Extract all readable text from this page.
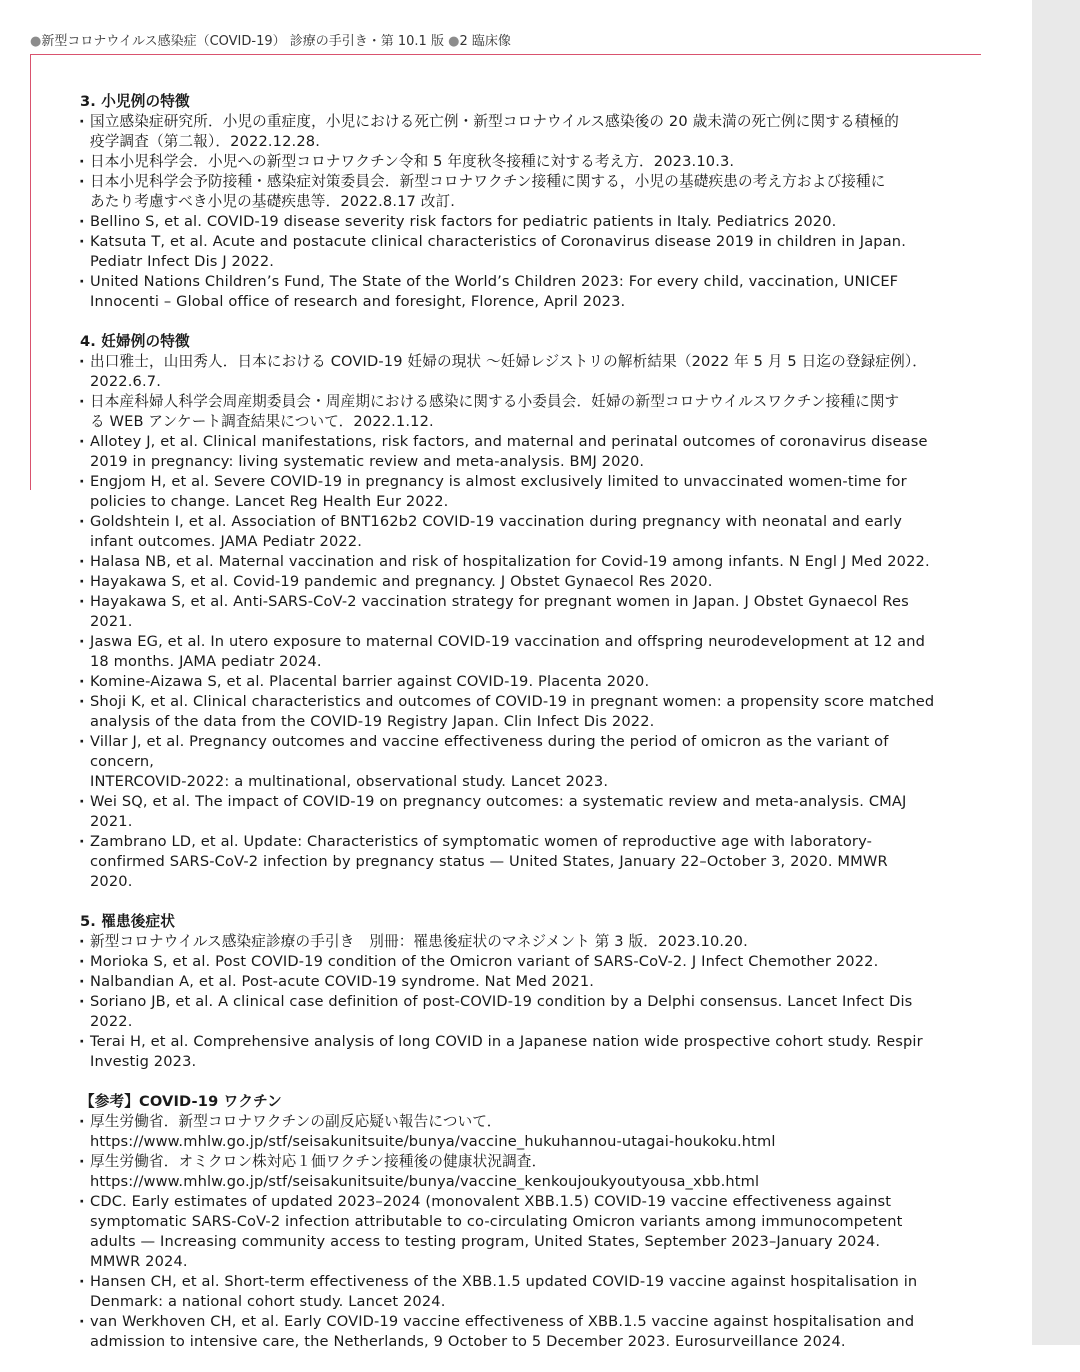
●新型コロナウイルス感染症（COVID-19） 診療の手引き・第 10.1 版 ●2 臨床像
3. 小児例の特徴
· 国立感染症研究所．小児の重症度，小児における死亡例・新型コロナウイルス感染後の 20 歳未満の死亡例に関する積極的
疫学調査（第二報）．2022.12.28.
· 日本小児科学会．小児への新型コロナワクチン令和 5 年度秋冬接種に対する考え方．2023.10.3.
· 日本小児科学会予防接種・感染症対策委員会．新型コロナワクチン接種に関する，小児の基礎疾患の考え方および接種に
あたり考慮すべき小児の基礎疾患等．2022.8.17 改訂.
· Bellino S, et al. COVID-19 disease severity risk factors for pediatric patients in Italy. Pediatrics 2020.
· Katsuta T, et al. Acute and postacute clinical characteristics of Coronavirus disease 2019 in children in Japan.
Pediatr Infect Dis J 2022.
· United Nations Children’s Fund, The State of the World’s Children 2023: For every child, vaccination, UNICEF
Innocenti – Global office of research and foresight, Florence, April 2023.
4. 妊婦例の特徴
· 出口雅士，山田秀人．日本における COVID-19 妊婦の現状 〜妊婦レジストリの解析結果（2022 年 5 月 5 日迄の登録症例）．
2022.6.7.
· 日本産科婦人科学会周産期委員会・周産期における感染に関する小委員会．妊婦の新型コロナウイルスワクチン接種に関す
る WEB アンケート調査結果について．2022.1.12.
· Allotey J, et al. Clinical manifestations, risk factors, and maternal and perinatal outcomes of coronavirus disease
2019 in pregnancy: living systematic review and meta-analysis. BMJ 2020.
· Engjom H, et al. Severe COVID-19 in pregnancy is almost exclusively limited to unvaccinated women-time for
policies to change. Lancet Reg Health Eur 2022.
· Goldshtein I, et al. Association of BNT162b2 COVID-19 vaccination during pregnancy with neonatal and early
infant outcomes. JAMA Pediatr 2022.
· Halasa NB, et al. Maternal vaccination and risk of hospitalization for Covid-19 among infants. N Engl J Med 2022.
· Hayakawa S, et al. Covid-19 pandemic and pregnancy. J Obstet Gynaecol Res 2020.
· Hayakawa S, et al. Anti-SARS-CoV-2 vaccination strategy for pregnant women in Japan. J Obstet Gynaecol Res
2021.
· Jaswa EG, et al. In utero exposure to maternal COVID-19 vaccination and offspring neurodevelopment at 12 and
18 months. JAMA pediatr 2024.
· Komine-Aizawa S, et al. Placental barrier against COVID-19. Placenta 2020.
· Shoji K, et al. Clinical characteristics and outcomes of COVID-19 in pregnant women: a propensity score matched
analysis of the data from the COVID-19 Registry Japan. Clin Infect Dis 2022.
· Villar J, et al. Pregnancy outcomes and vaccine effectiveness during the period of omicron as the variant of concern,
INTERCOVID-2022: a multinational, observational study. Lancet 2023.
· Wei SQ, et al. The impact of COVID-19 on pregnancy outcomes: a systematic review and meta-analysis. CMAJ
2021.
· Zambrano LD, et al. Update: Characteristics of symptomatic women of reproductive age with laboratory-
confirmed SARS-CoV-2 infection by pregnancy status — United States, January 22–October 3, 2020. MMWR
2020.
5. 罹患後症状
· 新型コロナウイルス感染症診療の手引き　別冊：罹患後症状のマネジメント 第 3 版．2023.10.20.
· Morioka S, et al. Post COVID-19 condition of the Omicron variant of SARS-CoV-2. J Infect Chemother 2022.
· Nalbandian A, et al. Post-acute COVID-19 syndrome. Nat Med 2021.
· Soriano JB, et al. A clinical case definition of post-COVID-19 condition by a Delphi consensus. Lancet Infect Dis
2022.
· Terai H, et al. Comprehensive analysis of long COVID in a Japanese nation wide prospective cohort study. Respir
Investig 2023.
【参考】COVID-19 ワクチン
· 厚生労働省．新型コロナワクチンの副反応疑い報告について．
https://www.mhlw.go.jp/stf/seisakunitsuite/bunya/vaccine_hukuhannou-utagai-houkoku.html
· 厚生労働省．オミクロン株対応１価ワクチン接種後の健康状況調査．
https://www.mhlw.go.jp/stf/seisakunitsuite/bunya/vaccine_kenkoujoukyoutyousa_xbb.html
· CDC. Early estimates of updated 2023–2024 (monovalent XBB.1.5) COVID-19 vaccine effectiveness against
symptomatic SARS-CoV-2 infection attributable to co-circulating Omicron variants among immunocompetent
adults — Increasing community access to testing program, United States, September 2023–January 2024.
MMWR 2024.
· Hansen CH, et al. Short-term effectiveness of the XBB.1.5 updated COVID-19 vaccine against hospitalisation in
Denmark: a national cohort study. Lancet 2024.
· van Werkhoven CH, et al. Early COVID-19 vaccine effectiveness of XBB.1.5 vaccine against hospitalisation and
admission to intensive care, the Netherlands, 9 October to 5 December 2023. Eurosurveillance 2024.
